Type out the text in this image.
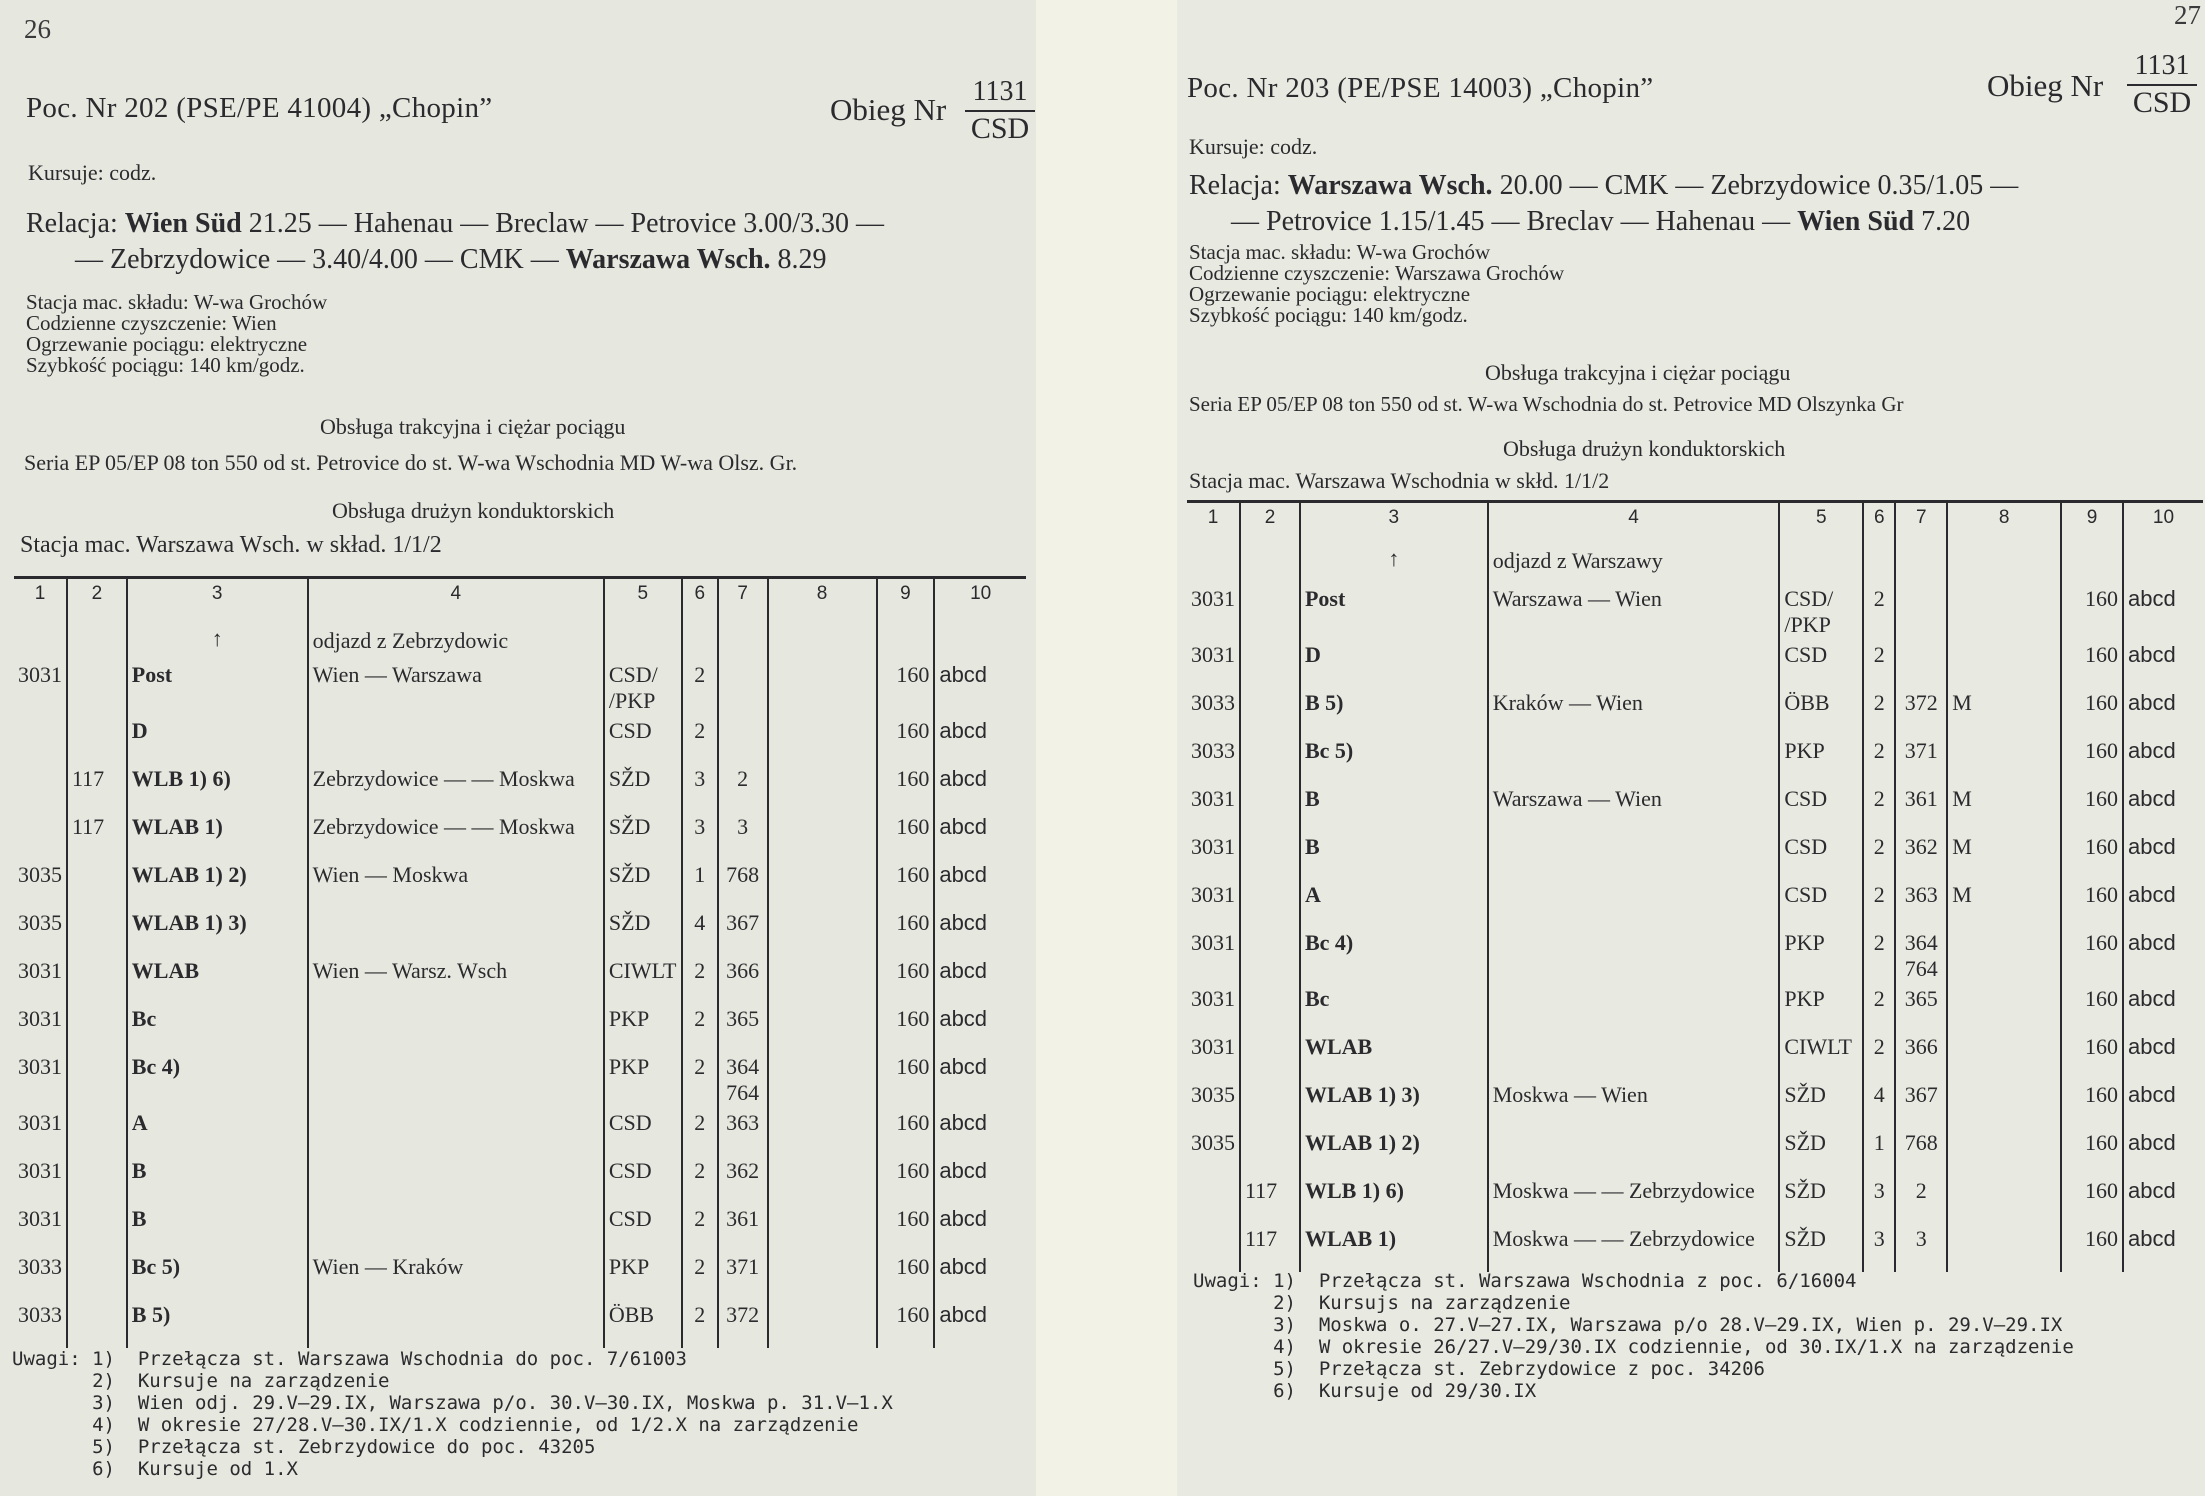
26
Poc. Nr 202 (PSE/PE 41004) „Chopin”	Obieg Nr
1131
CSD
Kursuje: codz.
Relacja: Wien Süd 21.25 — Hahenau — Breclaw — Petrovice 3.00/3.30 —
— Zebrzydowice — 3.40/4.00 — CMK — Warszawa Wsch. 8.29
Stacja mac. składu: W-wa Grochów
Codzienne czyszczenie: Wien
Ogrzewanie pociągu: elektryczne
Szybkość pociągu: 140 km/godz.
Obsługa trakcyjna i ciężar pociągu
Seria EP 05/EP 08 ton 550 od st. Petrovice do st. W-wa Wschodnia MD W-wa Olsz. Gr.
Obsługa drużyn konduktorskich
Stacja mac. Warszawa Wsch. w skład. 1/1/2
1	2	3	4	5	6	7	8	9	10
		↑	odjazd z Zebrzydowic						
3031		Post	Wien — Warszawa	CSD/ /PKP	2			160	abcd
		D		CSD	2			160	abcd
	117	WLB 1) 6)	Zebrzydowice — — Moskwa	SŽD	3	2		160	abcd
	117	WLAB 1)	Zebrzydowice — — Moskwa	SŽD	3	3		160	abcd
3035		WLAB 1) 2)	Wien — Moskwa	SŽD	1	768		160	abcd
3035		WLAB 1) 3)		SŽD	4	367		160	abcd
3031		WLAB	Wien — Warsz. Wsch	CIWLT	2	366		160	abcd
3031		Bc		PKP	2	365		160	abcd
3031		Bc 4)		PKP	2	364 764		160	abcd
3031		A		CSD	2	363		160	abcd
3031		B		CSD	2	362		160	abcd
3031		B		CSD	2	361		160	abcd
3033		Bc 5)	Wien — Kraków	PKP	2	371		160	abcd
3033		B 5)		ÖBB	2	372		160	abcd
Uwagi: 1)  Przełącza st. Warszawa Wschodnia do poc. 7/61003
2)  Kursuje na zarządzenie
3)  Wien odj. 29.V—29.IX, Warszawa p/o. 30.V—30.IX, Moskwa p. 31.V—1.X
4)  W okresie 27/28.V—30.IX/1.X codziennie, od 1/2.X na zarządzenie
5)  Przełącza st. Zebrzydowice do poc. 43205
6)  Kursuje od 1.X
27
Poc. Nr 203 (PE/PSE 14003) „Chopin”	Obieg Nr
1131
CSD
Kursuje: codz.
Relacja: Warszawa Wsch. 20.00 — CMK — Zebrzydowice 0.35/1.05 —
— Petrovice 1.15/1.45 — Breclav — Hahenau — Wien Süd 7.20
Stacja mac. składu: W-wa Grochów
Codzienne czyszczenie: Warszawa Grochów
Ogrzewanie pociągu: elektryczne
Szybkość pociągu: 140 km/godz.
Obsługa trakcyjna i ciężar pociągu
Seria EP 05/EP 08 ton 550 od st. W-wa Wschodnia do st. Petrovice MD Olszynka Gr
Obsługa drużyn konduktorskich
Stacja mac. Warszawa Wschodnia w skłd. 1/1/2
1	2	3	4	5	6	7	8	9	10
		↑	odjazd z Warszawy						
3031		Post	Warszawa — Wien	CSD/ /PKP	2			160	abcd
3031		D		CSD	2			160	abcd
3033		B 5)	Kraków — Wien	ÖBB	2	372	M	160	abcd
3033		Bc 5)		PKP	2	371		160	abcd
3031		B	Warszawa — Wien	CSD	2	361	M	160	abcd
3031		B		CSD	2	362	M	160	abcd
3031		A		CSD	2	363	M	160	abcd
3031		Bc 4)		PKP	2	364 764		160	abcd
3031		Bc		PKP	2	365		160	abcd
3031		WLAB		CIWLT	2	366		160	abcd
3035		WLAB 1) 3)	Moskwa — Wien	SŽD	4	367		160	abcd
3035		WLAB 1) 2)		SŽD	1	768		160	abcd
	117	WLB 1) 6)	Moskwa — — Zebrzydowice	SŽD	3	2		160	abcd
	117	WLAB 1)	Moskwa — — Zebrzydowice	SŽD	3	3		160	abcd
Uwagi: 1)  Przełącza st. Warszawa Wschodnia z poc. 6/16004
2)  Kursujs na zarządzenie
3)  Moskwa o. 27.V—27.IX, Warszawa p/o 28.V—29.IX, Wien p. 29.V—29.IX
4)  W okresie 26/27.V—29/30.IX codziennie, od 30.IX/1.X na zarządzenie
5)  Przełącza st. Zebrzydowice z poc. 34206
6)  Kursuje od 29/30.IX
